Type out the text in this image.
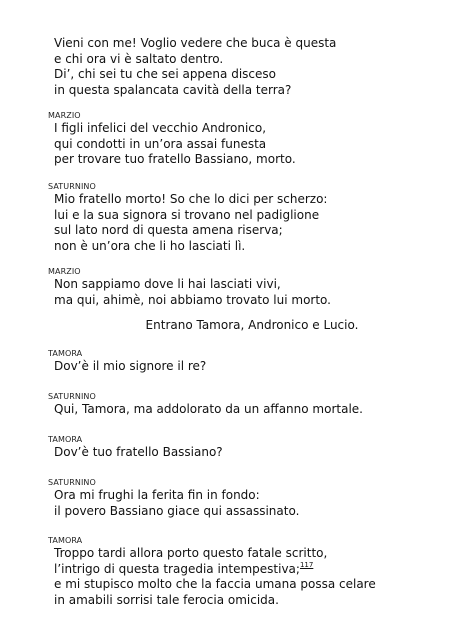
Vieni con me! Voglio vedere che buca è questa
e chi ora vi è saltato dentro.
Di’, chi sei tu che sei appena disceso
in questa spalancata cavità della terra?
MARZIO
I figli infelici del vecchio Andronico,
qui condotti in un’ora assai funesta
per trovare tuo fratello Bassiano, morto.
SATURNINO
Mio fratello morto! So che lo dici per scherzo:
lui e la sua signora si trovano nel padiglione
sul lato nord di questa amena riserva;
non è un’ora che li ho lasciati lì.
MARZIO
Non sappiamo dove li hai lasciati vivi,
ma qui, ahimè, noi abbiamo trovato lui morto.
Entrano Tamora, Andronico e Lucio.
TAMORA
Dov’è il mio signore il re?
SATURNINO
Qui, Tamora, ma addolorato da un affanno mortale.
TAMORA
Dov’è tuo fratello Bassiano?
SATURNINO
Ora mi frughi la ferita fin in fondo:
il povero Bassiano giace qui assassinato.
TAMORA
Troppo tardi allora porto questo fatale scritto,
l’intrigo di questa tragedia intempestiva;$^{117}$
e mi stupisco molto che la faccia umana possa celare
in amabili sorrisi tale ferocia omicida.
